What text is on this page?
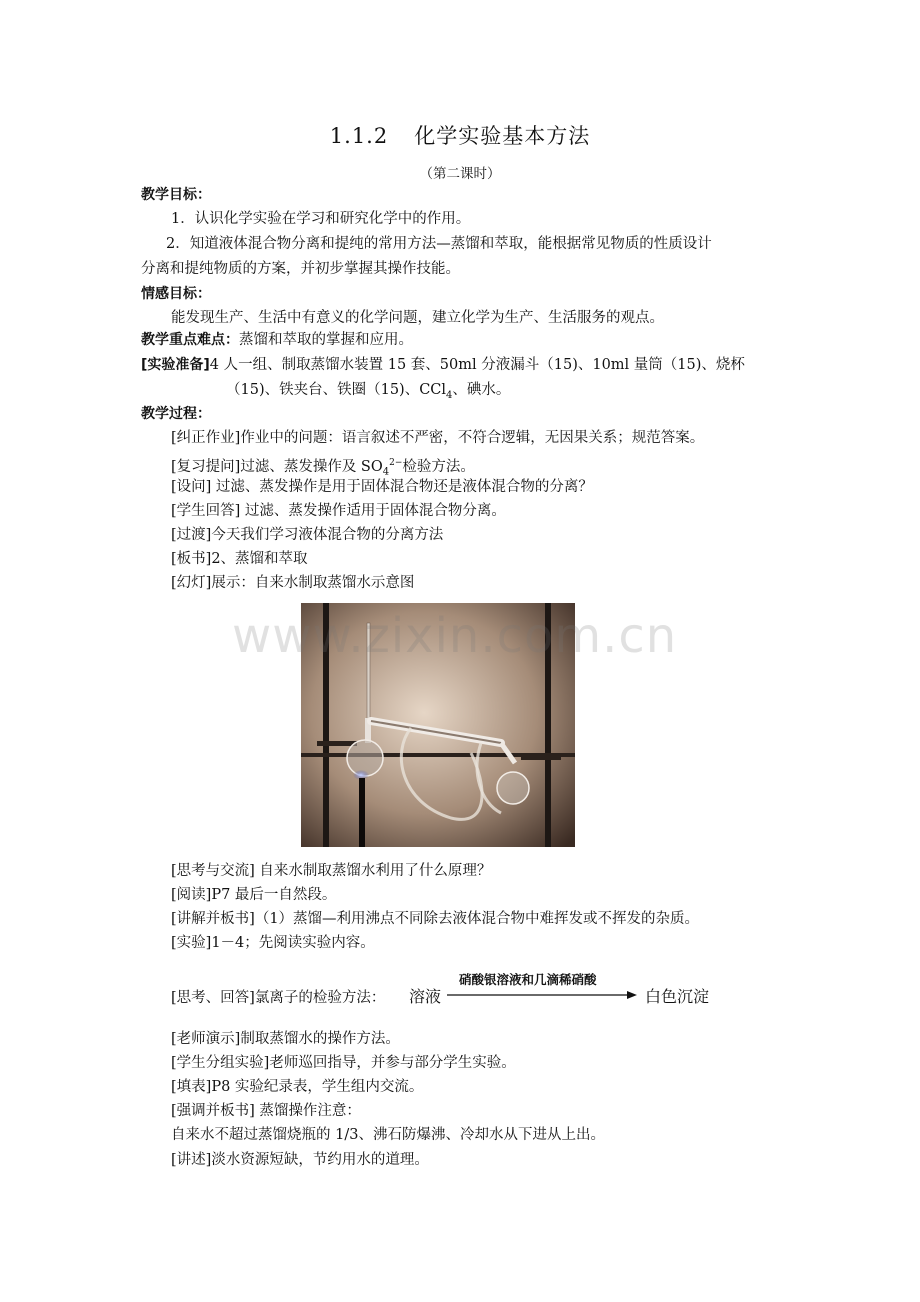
1.1.2 化学实验基本方法
（第二课时）
教学目标：
1．认识化学实验在学习和研究化学中的作用。
2．知道液体混合物分离和提纯的常用方法—蒸馏和萃取，能根据常见物质的性质设计
分离和提纯物质的方案，并初步掌握其操作技能。
情感目标：
能发现生产、生活中有意义的化学问题，建立化学为生产、生活服务的观点。
教学重点难点：蒸馏和萃取的掌握和应用。
[实验准备]4 人一组、制取蒸馏水装置 15 套、50ml 分液漏斗（15)、10ml 量筒（15)、烧杯
（15)、铁夹台、铁圈（15)、CCl$_4$、碘水。
教学过程：
[纠正作业]作业中的问题：语言叙述不严密，不符合逻辑，无因果关系；规范答案。
[复习提问]过滤、蒸发操作及 $SO_4^{2-}$检验方法。
[设问] 过滤、蒸发操作是用于固体混合物还是液体混合物的分离？
[学生回答] 过滤、蒸发操作适用于固体混合物分离。
[过渡]今天我们学习液体混合物的分离方法
[板书]2、蒸馏和萃取
[幻灯]展示：自来水制取蒸馏水示意图
www.zixin.com.cn
[思考与交流] 自来水制取蒸馏水利用了什么原理？
[阅读]P7 最后一自然段。
[讲解并板书]（1）蒸馏—利用沸点不同除去液体混合物中难挥发或不挥发的杂质。
[实验]1－4；先阅读实验内容。
[思考、回答]氯离子的检验方法： 溶液
硝酸银溶液和几滴稀硝酸
白色沉淀
[老师演示]制取蒸馏水的操作方法。
[学生分组实验]老师巡回指导，并参与部分学生实验。
[填表]P8 实验纪录表，学生组内交流。
[强调并板书] 蒸馏操作注意：
自来水不超过蒸馏烧瓶的 1/3、沸石防爆沸、冷却水从下进从上出。
[讲述]淡水资源短缺，节约用水的道理。
